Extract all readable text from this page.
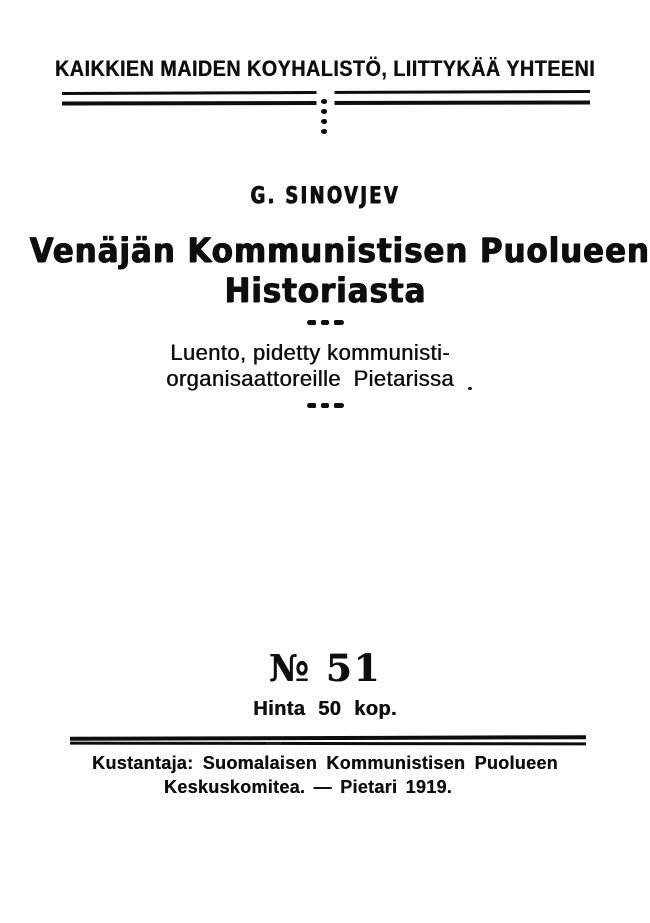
KAIKKIEN MAIDEN KOYHALISTÖ, LIITTYKÄÄ YHTEENI
G. SINOVJEV
Venäjän Kommunistisen Puolueen
Historiasta
Luento, pidetty kommunisti-
organisaattoreille Pietarissa
№ 51
Hinta 50 kop.
Kustantaja: Suomalaisen Kommunistisen Puolueen
Keskuskomitea. — Pietari 1919.
